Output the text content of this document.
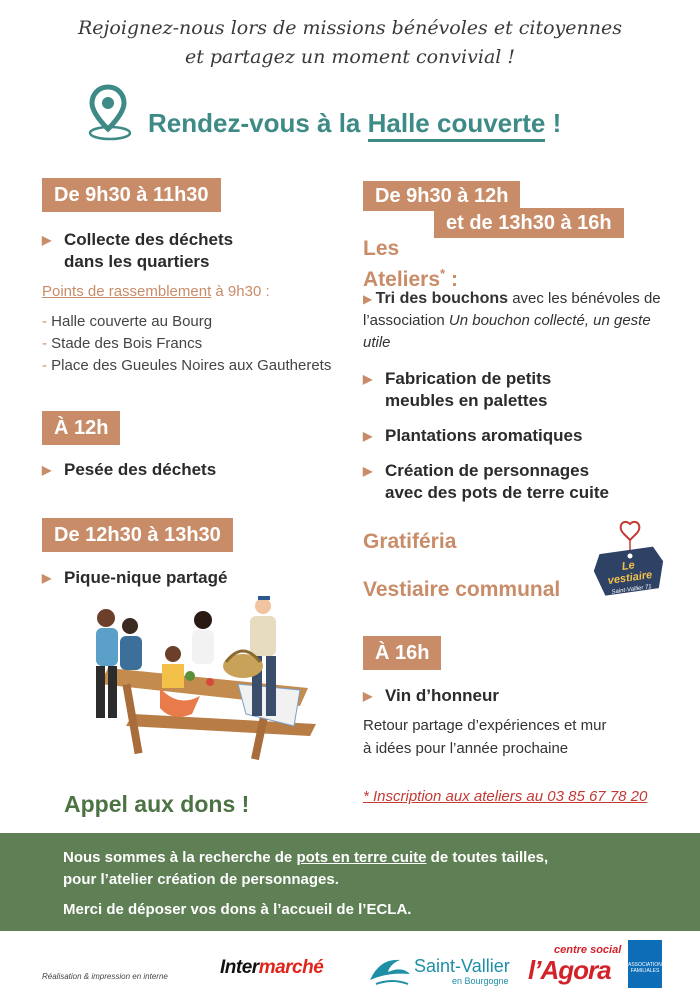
Rejoignez-nous lors de missions bénévoles et citoyennes
et partagez un moment convivial !
Rendez-vous à la Halle couverte !
De 9h30 à 11h30
▶ Collecte des déchets
dans les quartiers
Points de rassemblement à 9h30 :
- Halle couverte au Bourg
- Stade des Bois Francs
- Place des Gueules Noires aux Gautherets
À 12h
▶ Pesée des déchets
De 12h30 à 13h30
▶ Pique-nique partagé
De 9h30 à 12h
et de 13h30 à 16h
Les
Ateliers* :
▶ Tri des bouchons avec les bénévoles de l’association Un bouchon collecté, un geste utile
▶ Fabrication de petits
meubles en palettes
▶ Plantations aromatiques
▶ Création de personnages
avec des pots de terre cuite
Gratiféria
Vestiaire communal
Le vestiaire
Saint-Vallier 71
À 16h
▶ Vin d’honneur
Retour partage d’expériences et mur
à idées pour l’année prochaine
* Inscription aux ateliers au 03 85 67 78 20
Appel aux dons !

Nous sommes à la recherche de pots en terre cuite de toutes tailles,
pour l’atelier création de personnages.

Merci de déposer vos dons à l’accueil de l’ECLA.

Réalisation & impression en interne	Intermarché	Saint-Vallier
en Bourgogne
centre social
l’Agora	ASSOCIATIONS FAMILIALES
